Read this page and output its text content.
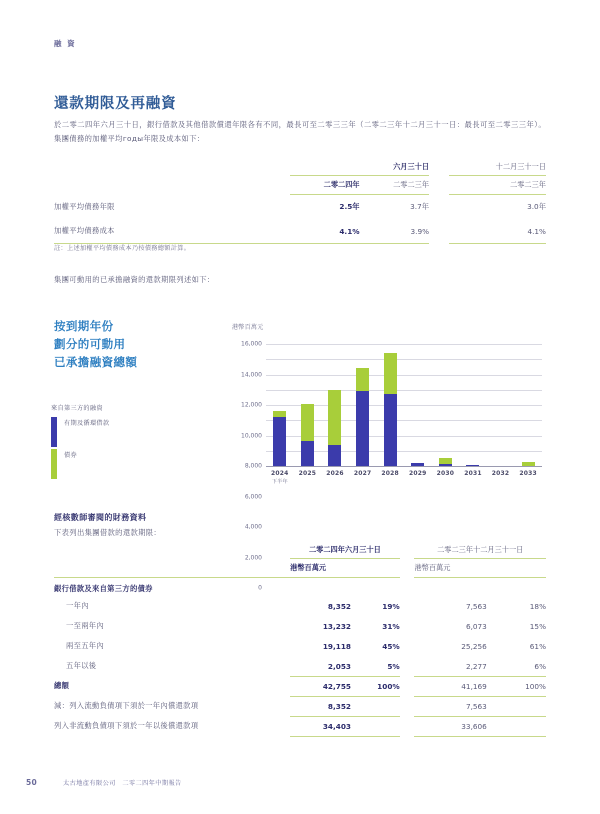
融 資
還款期限及再融資

於二零二四年六月三十日，銀行借款及其他借款償還年限各有不同，最長可至二零三三年（二零二三年十二月三十一日：最長可至二零三三年）。集團債務的加權平均годы年限及成本如下：

	六月三十日			十二月三十一日
	二零二四年	二零二三年		二零二三年
加權平均債務年限	2.5年	3.7年		3.0年
加權平均債務成本	4.1%	3.9%		4.1%
註：上述加權平均債務成本乃按債務總額計算。
集團可動用的已承擔融資的還款期限列述如下：
按到期年份
劃分的可動用
已承擔融資總額
來自第三方的融資
有期及循環借款
債券
港幣百萬元
0
2,000
4,000
6,000
8,000
10,000
12,000
14,000
16,000
2024
下半年
2025	2026	2027	2028	2029	2030	2031	2032	2033
經核數師審閱的財務資料
下表列出集團借款的還款期限：
	二零二四年六月三十日			二零二三年十二月三十一日	
	港幣百萬元			港幣百萬元	
銀行借款及來自第三方的債券					
一年內	8,352	19%		7,563	18%
一至兩年內	13,232	31%		6,073	15%
兩至五年內	19,118	45%		25,256	61%
五年以後	2,053	5%		2,277	6%
總額	42,755	100%		41,169	100%
減：列入流動負債項下須於一年內償還款項	8,352			7,563	
列入非流動負債項下須於一年以後償還款項	34,403			33,606	
50	太古地產有限公司　二零二四年中期報告
